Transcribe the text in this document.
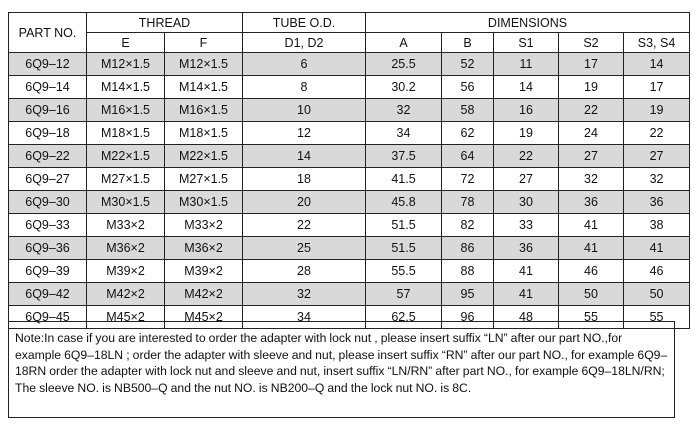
PART NO.	THREAD		TUBE O.D.	DIMENSIONS				
	E	F	D1, D2	A	B	S1	S2	S3, S4
6Q9–12	M12×1.5	M12×1.5	6	25.5	52	11	17	14
6Q9–14	M14×1.5	M14×1.5	8	30.2	56	14	19	17
6Q9–16	M16×1.5	M16×1.5	10	32	58	16	22	19
6Q9–18	M18×1.5	M18×1.5	12	34	62	19	24	22
6Q9–22	M22×1.5	M22×1.5	14	37.5	64	22	27	27
6Q9–27	M27×1.5	M27×1.5	18	41.5	72	27	32	32
6Q9–30	M30×1.5	M30×1.5	20	45.8	78	30	36	36
6Q9–33	M33×2	M33×2	22	51.5	82	33	41	38
6Q9–36	M36×2	M36×2	25	51.5	86	36	41	41
6Q9–39	M39×2	M39×2	28	55.5	88	41	46	46
6Q9–42	M42×2	M42×2	32	57	95	41	50	50
6Q9–45	M45×2	M45×2	34	62.5	96	48	55	55
Note:In case if you are interested to order the adapter with lock nut , please insert suffix “LN” after our part NO.,for example 6Q9–18LN ; order the adapter with sleeve and nut, please insert suffix “RN” after our part NO., for example 6Q9–18RN order the adapter with lock nut and sleeve and nut, insert suffix “LN/RN” after part NO., for example 6Q9–18LN/RN; The sleeve NO. is NB500–Q and the nut NO. is NB200–Q and the lock nut NO. is 8C.
